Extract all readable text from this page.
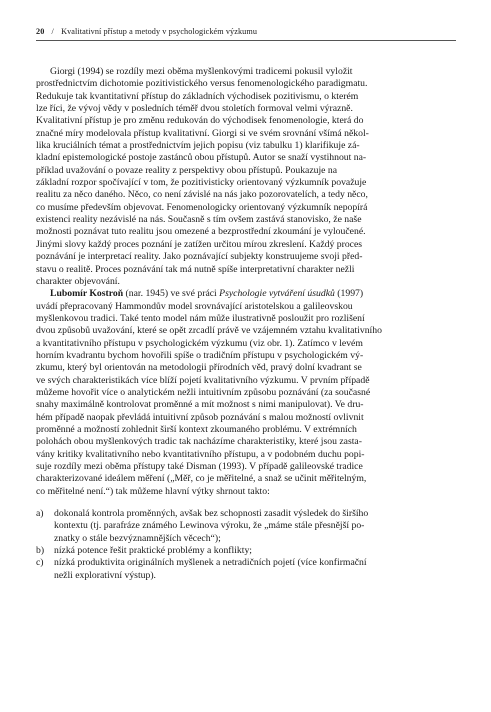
20 / Kvalitativní přístup a metody v psychologickém výzkumu
Giorgi (1994) se rozdíly mezi oběma myšlenkovými tradicemi pokusil vyložit
prostřednictvím dichotomie pozitivistického versus fenomenologického paradigmatu.
Redukuje tak kvantitativní přístup do základních východisek pozitivismu, o kterém
lze říci, že vývoj vědy v posledních téměř dvou stoletích formoval velmi výrazně.
Kvalitativní přístup je pro změnu redukován do východisek fenomenologie, která do
značné míry modelovala přístup kvalitativní. Giorgi si ve svém srovnání všímá někol-
lika kruciálních témat a prostřednictvím jejich popisu (viz tabulku 1) klarifikuje zá-
kladní epistemologické postoje zastánců obou přístupů. Autor se snaží vystihnout na-
příklad uvažování o povaze reality z perspektivy obou přístupů. Poukazuje na
základní rozpor spočívající v tom, že pozitivisticky orientovaný výzkumník považuje
realitu za něco daného. Něco, co není závislé na nás jako pozorovatelích, a tedy něco,
co musíme především objevovat. Fenomenologicky orientovaný výzkumník nepopírá
existenci reality nezávislé na nás. Současně s tím ovšem zastává stanovisko, že naše
možnosti poznávat tuto realitu jsou omezené a bezprostřední zkoumání je vyloučené.
Jinými slovy každý proces poznání je zatížen určitou mírou zkreslení. Každý proces
poznávání je interpretací reality. Jako poznávající subjekty konstruujeme svoji před-
stavu o realitě. Proces poznávání tak má nutně spíše interpretativní charakter nežli
charakter objevování.
Lubomír Kostroň (nar. 1945) ve své práci Psychologie vytváření úsudků (1997)
uvádí přepracovaný Hammondův model srovnávající aristotelskou a galileovskou
myšlenkovou tradici. Také tento model nám může ilustrativně posloužit pro rozlišení
dvou způsobů uvažování, které se opět zrcadlí právě ve vzájemném vztahu kvalitativního
a kvantitativního přístupu v psychologickém výzkumu (viz obr. 1). Zatímco v levém
horním kvadrantu bychom hovořili spíše o tradičním přístupu v psychologickém vý-
zkumu, který byl orientován na metodologii přírodních věd, pravý dolní kvadrant se
ve svých charakteristikách více blíží pojetí kvalitativního výzkumu. V prvním případě
můžeme hovořit více o analytickém nežli intuitivním způsobu poznávání (za současné
snahy maximálně kontrolovat proměnné a mít možnost s nimi manipulovat). Ve dru-
hém případě naopak převládá intuitivní způsob poznávání s malou možností ovlivnit
proměnné a možností zohlednit širší kontext zkoumaného problému. V extrémních
polohách obou myšlenkových tradic tak nacházíme charakteristiky, které jsou zasta-
vány kritiky kvalitativního nebo kvantitativního přístupu, a v podobném duchu popi-
suje rozdíly mezi oběma přístupy také Disman (1993). V případě galileovské tradice
charakterizované ideálem měření („Měř, co je měřitelné, a snaž se učinit měřitelným,
co měřitelné není.“) tak můžeme hlavní výtky shrnout takto:
a) dokonalá kontrola proměnných, avšak bez schopnosti zasadit výsledek do širšího
kontextu (tj. parafráze známého Lewinova výroku, že „máme stále přesnější po-
znatky o stále bezvýznamnějších věcech“);
b) nízká potence řešit praktické problémy a konflikty;
c) nízká produktivita originálních myšlenek a netradičních pojetí (více konfirmační
nežli explorativní výstup).
